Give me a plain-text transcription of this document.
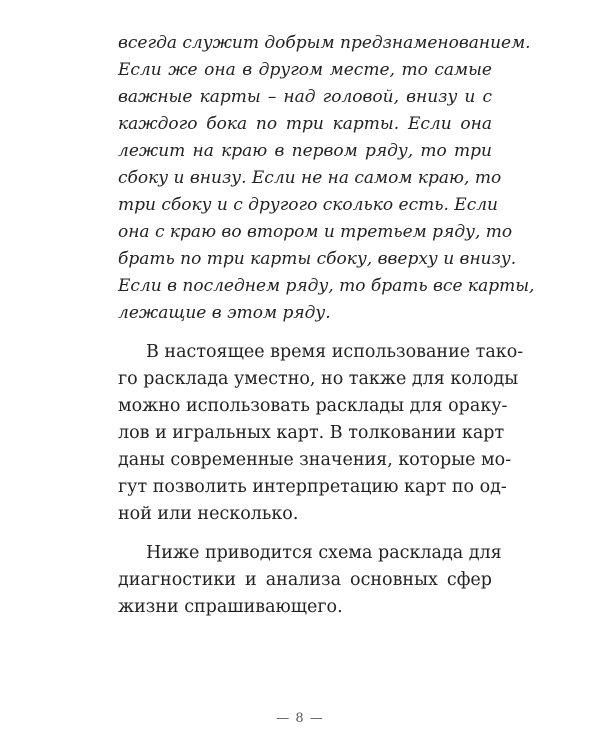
всегда служит добрым предзнаменованием.
Если же она в другом месте, то самые
важные карты – над головой, внизу и с
каждого бока по три карты. Если она
лежит на краю в первом ряду, то три
сбоку и внизу. Если не на самом краю, то
три сбоку и с другого сколько есть. Если
она с краю во втором и третьем ряду, то
брать по три карты сбоку, вверху и внизу.
Если в последнем ряду, то брать все карты,
лежащие в этом ряду.
В настоящее время использование тако-
го расклада уместно, но также для колоды
можно использовать расклады для ораку-
лов и игральных карт. В толковании карт
даны современные значения, которые мо-
гут позволить интерпретацию карт по од-
ной или несколько.
Ниже приводится схема расклада для
диагностики и анализа основных сфер
жизни спрашивающего.
— 8 —
